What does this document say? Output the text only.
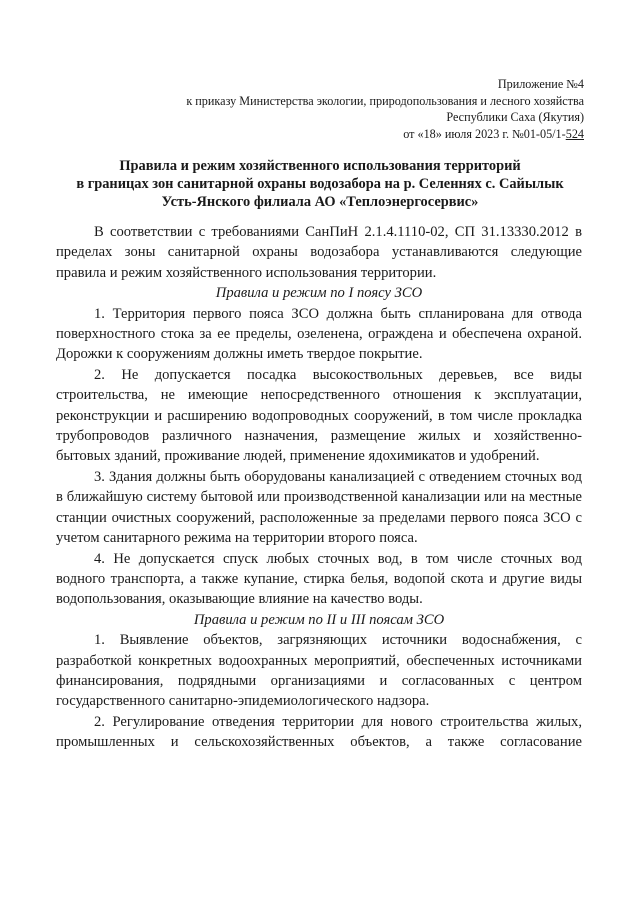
Приложение №4
к приказу Министерства экологии, природопользования и лесного хозяйства
Республики Саха (Якутия)
от «18» июля 2023 г. №01-05/1-524
Правила и режим хозяйственного использования территорий
в границах зон санитарной охраны водозабора на р. Селеннях с. Сайылык
Усть-Янского филиала АО «Теплоэнергосервис»

В соответствии с требованиями СанПиН 2.1.4.1110-02, СП 31.13330.2012 в пределах зоны санитарной охраны водозабора устанавливаются следующие правила и режим хозяйственного использования территории.

Правила и режим по I поясу ЗСО

1. Территория первого пояса ЗСО должна быть спланирована для отвода поверхностного стока за ее пределы, озеленена, ограждена и обеспечена охраной. Дорожки к сооружениям должны иметь твердое покрытие.

2. Не допускается посадка высокоствольных деревьев, все виды строительства, не имеющие непосредственного отношения к эксплуатации, реконструкции и расширению водопроводных сооружений, в том числе прокладка трубопроводов различного назначения, размещение жилых и хозяйственно-бытовых зданий, проживание людей, применение ядохимикатов и удобрений.

3. Здания должны быть оборудованы канализацией с отведением сточных вод в ближайшую систему бытовой или производственной канализации или на местные станции очистных сооружений, расположенные за пределами первого пояса ЗСО с учетом санитарного режима на территории второго пояса.

4. Не допускается спуск любых сточных вод, в том числе сточных вод водного транспорта, а также купание, стирка белья, водопой скота и другие виды водопользования, оказывающие влияние на качество воды.

Правила и режим по II и III поясам ЗСО

1. Выявление объектов, загрязняющих источники водоснабжения, с разработкой конкретных водоохранных мероприятий, обеспеченных источниками финансирования, подрядными организациями и согласованных с центром государственного санитарно-эпидемиологического надзора.

2. Регулирование отведения территории для нового строительства жилых, промышленных и сельскохозяйственных объектов, а также согласование
